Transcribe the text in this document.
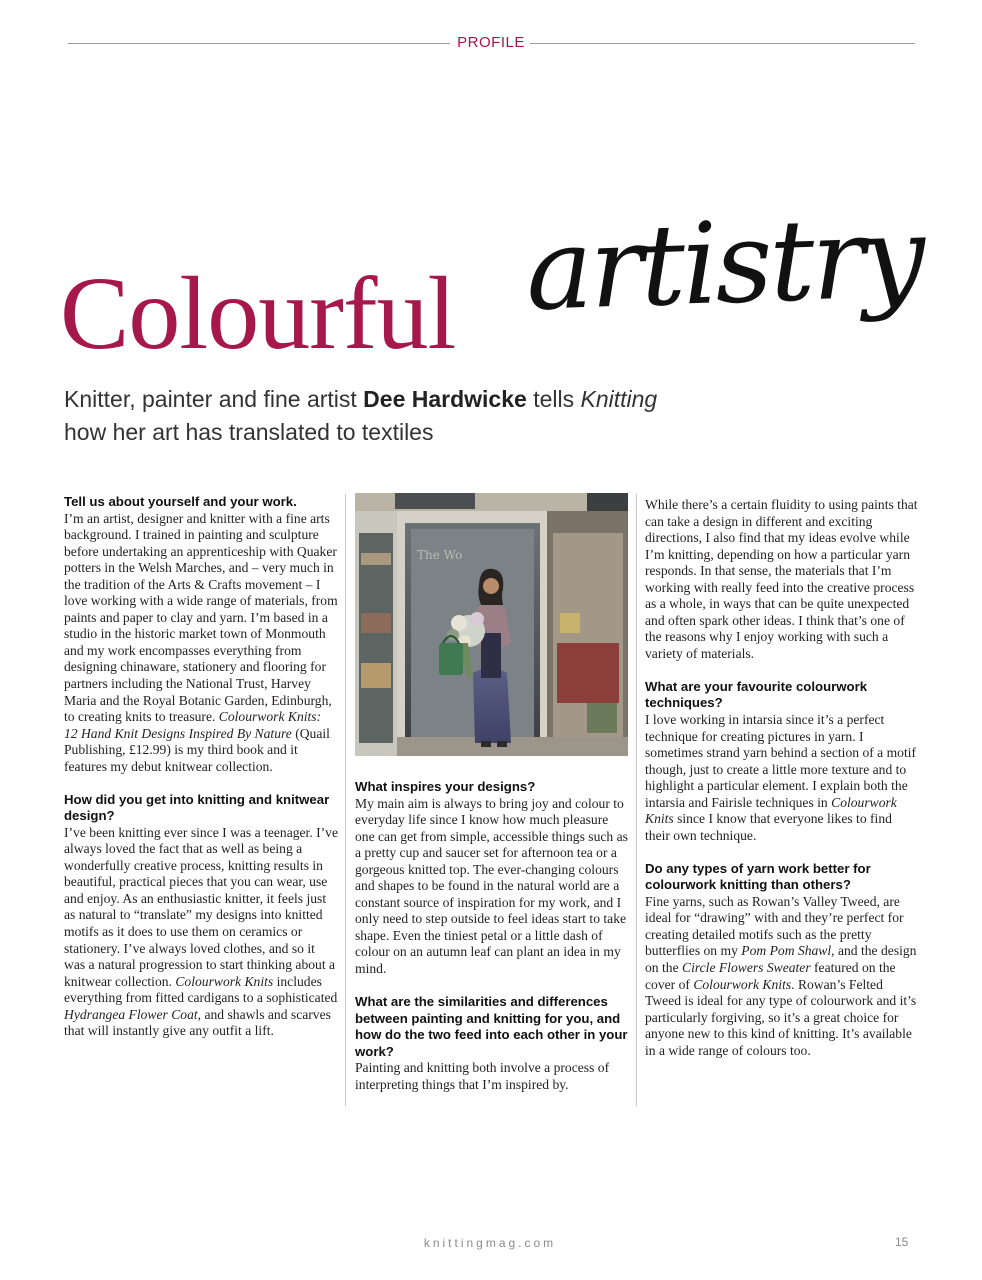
PROFILE
Colourful artistry
Knitter, painter and fine artist Dee Hardwicke tells Knitting
how her art has translated to textiles

Tell us about yourself and your work.

I’m an artist, designer and knitter with a fine arts background. I trained in painting and sculpture before undertaking an apprenticeship with Quaker potters in the Welsh Marches, and – very much in the tradition of the Arts & Crafts movement – I love working with a wide range of materials, from paints and paper to clay and yarn. I’m based in a studio in the historic market town of Monmouth and my work encompasses everything from designing chinaware, stationery and flooring for partners including the National Trust, Harvey Maria and the Royal Botanic Garden, Edinburgh, to creating knits to treasure. Colourwork Knits: 12 Hand Knit Designs Inspired By Nature (Quail Publishing, £12.99) is my third book and it features my debut knitwear collection.

How did you get into knitting and knitwear design?

I’ve been knitting ever since I was a teenager. I’ve always loved the fact that as well as being a wonderfully creative process, knitting results in beautiful, practical pieces that you can wear, use and enjoy. As an enthusiastic knitter, it feels just as natural to “translate” my designs into knitted motifs as it does to use them on ceramics or stationery. I’ve always loved clothes, and so it was a natural progression to start thinking about a knitwear collection. Colourwork Knits includes everything from fitted cardigans to a sophisticated Hydrangea Flower Coat, and shawls and scarves that will instantly give any outfit a lift.

The Wo

What inspires your designs?

My main aim is always to bring joy and colour to everyday life since I know how much pleasure one can get from simple, accessible things such as a pretty cup and saucer set for afternoon tea or a gorgeous knitted top. The ever-changing colours and shapes to be found in the natural world are a constant source of inspiration for my work, and I only need to step outside to feel ideas start to take shape. Even the tiniest petal or a little dash of colour on an autumn leaf can plant an idea in my mind.

What are the similarities and differences between painting and knitting for you, and how do the two feed into each other in your work?

Painting and knitting both involve a process of interpreting things that I’m inspired by.

While there’s a certain fluidity to using paints that can take a design in different and exciting directions, I also find that my ideas evolve while I’m knitting, depending on how a particular yarn responds. In that sense, the materials that I’m working with really feed into the creative process as a whole, in ways that can be quite unexpected and often spark other ideas. I think that’s one of the reasons why I enjoy working with such a variety of materials.

What are your favourite colourwork techniques?

I love working in intarsia since it’s a perfect technique for creating pictures in yarn. I sometimes strand yarn behind a section of a motif though, just to create a little more texture and to highlight a particular element. I explain both the intarsia and Fairisle techniques in Colourwork Knits since I know that everyone likes to find their own technique.

Do any types of yarn work better for colourwork knitting than others?

Fine yarns, such as Rowan’s Valley Tweed, are ideal for “drawing” with and they’re perfect for creating detailed motifs such as the pretty butterflies on my Pom Pom Shawl, and the design on the Circle Flowers Sweater featured on the cover of Colourwork Knits. Rowan’s Felted Tweed is ideal for any type of colourwork and it’s particularly forgiving, so it’s a great choice for anyone new to this kind of knitting. It’s available in a wide range of colours too.

knittingmag.com	15
